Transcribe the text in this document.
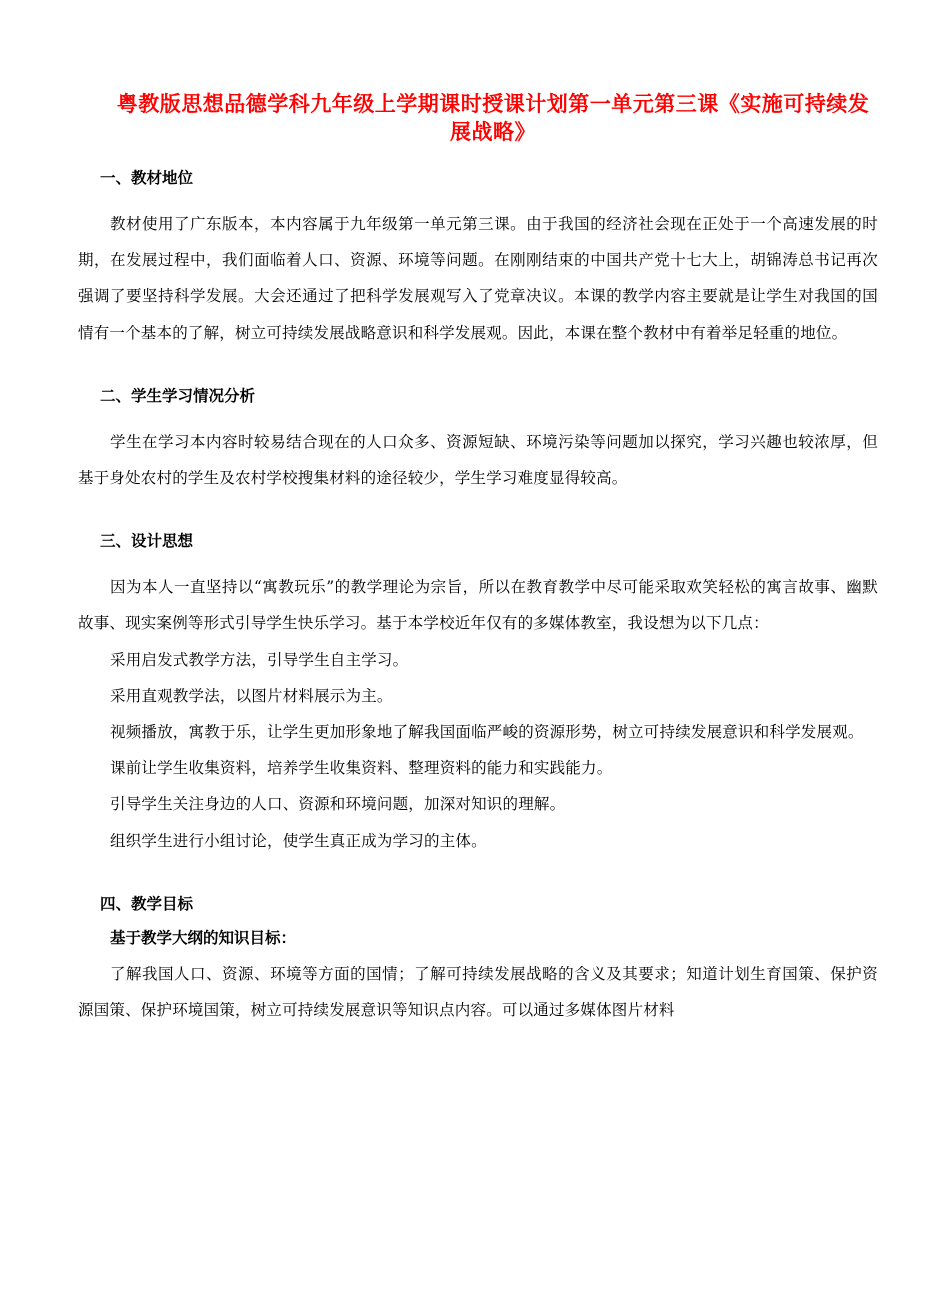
粤教版思想品德学科九年级上学期课时授课计划第一单元第三课《实施可持续发展战略》
一、教材地位

教材使用了广东版本，本内容属于九年级第一单元第三课。由于我国的经济社会现在正处于一个高速发展的时期，在发展过程中，我们面临着人口、资源、环境等问题。在刚刚结束的中国共产党十七大上，胡锦涛总书记再次强调了要坚持科学发展。大会还通过了把科学发展观写入了党章决议。本课的教学内容主要就是让学生对我国的国情有一个基本的了解，树立可持续发展战略意识和科学发展观。因此，本课在整个教材中有着举足轻重的地位。

二、学生学习情况分析

学生在学习本内容时较易结合现在的人口众多、资源短缺、环境污染等问题加以探究，学习兴趣也较浓厚，但基于身处农村的学生及农村学校搜集材料的途径较少，学生学习难度显得较高。

三、设计思想

因为本人一直坚持以“寓教玩乐”的教学理论为宗旨，所以在教育教学中尽可能采取欢笑轻松的寓言故事、幽默故事、现实案例等形式引导学生快乐学习。基于本学校近年仅有的多媒体教室，我设想为以下几点：

采用启发式教学方法，引导学生自主学习。

采用直观教学法，以图片材料展示为主。

视频播放，寓教于乐，让学生更加形象地了解我国面临严峻的资源形势，树立可持续发展意识和科学发展观。

课前让学生收集资料，培养学生收集资料、整理资料的能力和实践能力。

引导学生关注身边的人口、资源和环境问题，加深对知识的理解。

组织学生进行小组讨论，使学生真正成为学习的主体。

四、教学目标
基于教学大纲的知识目标：

了解我国人口、资源、环境等方面的国情；了解可持续发展战略的含义及其要求；知道计划生育国策、保护资源国策、保护环境国策，树立可持续发展意识等知识点内容。可以通过多媒体图片材料
